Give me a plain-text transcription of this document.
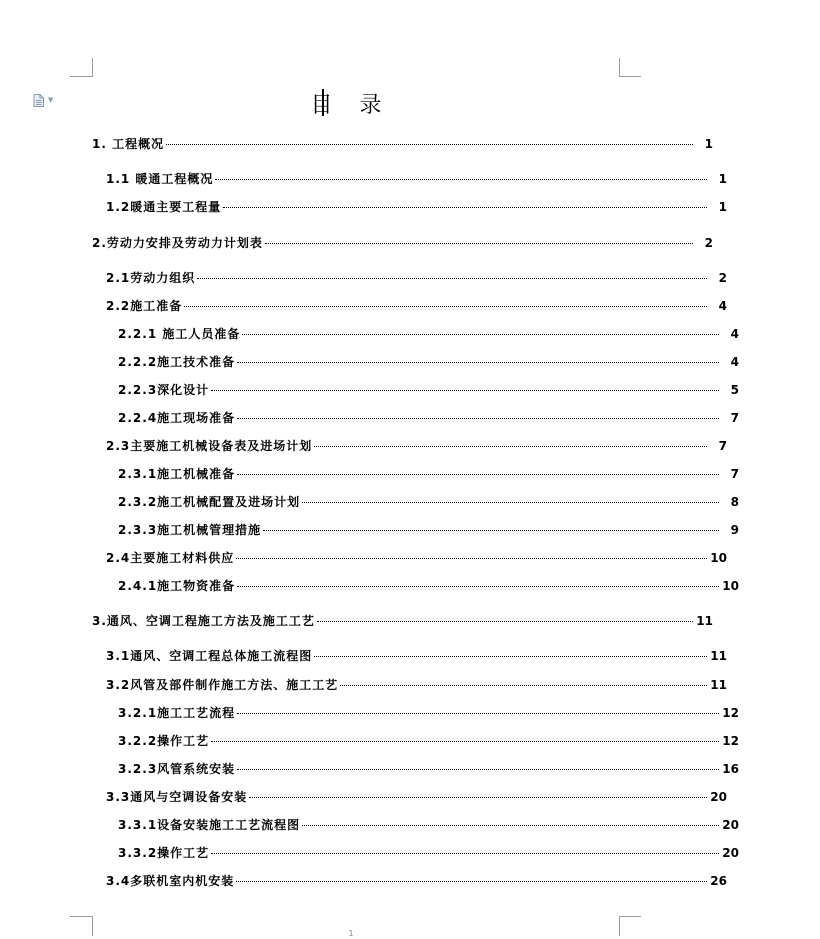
▼	目 录
1. 工程概况	1
1.1 暖通工程概况	1
1.2暖通主要工程量	1
2.劳动力安排及劳动力计划表	2
2.1劳动力组织	2
2.2施工准备	4
2.2.1 施工人员准备	4
2.2.2施工技术准备	4
2.2.3深化设计	5
2.2.4施工现场准备	7
2.3主要施工机械设备表及进场计划	7
2.3.1施工机械准备	7
2.3.2施工机械配置及进场计划	8
2.3.3施工机械管理措施	9
2.4主要施工材料供应	10
2.4.1施工物资准备	10
3.通风、空调工程施工方法及施工工艺	11
3.1通风、空调工程总体施工流程图	11
3.2风管及部件制作施工方法、施工工艺	11
3.2.1施工工艺流程	12
3.2.2操作工艺	12
3.2.3风管系统安装	16
3.3通风与空调设备安装	20
3.3.1设备安装施工工艺流程图	20
3.3.2操作工艺	20
3.4多联机室内机安装	26
1
